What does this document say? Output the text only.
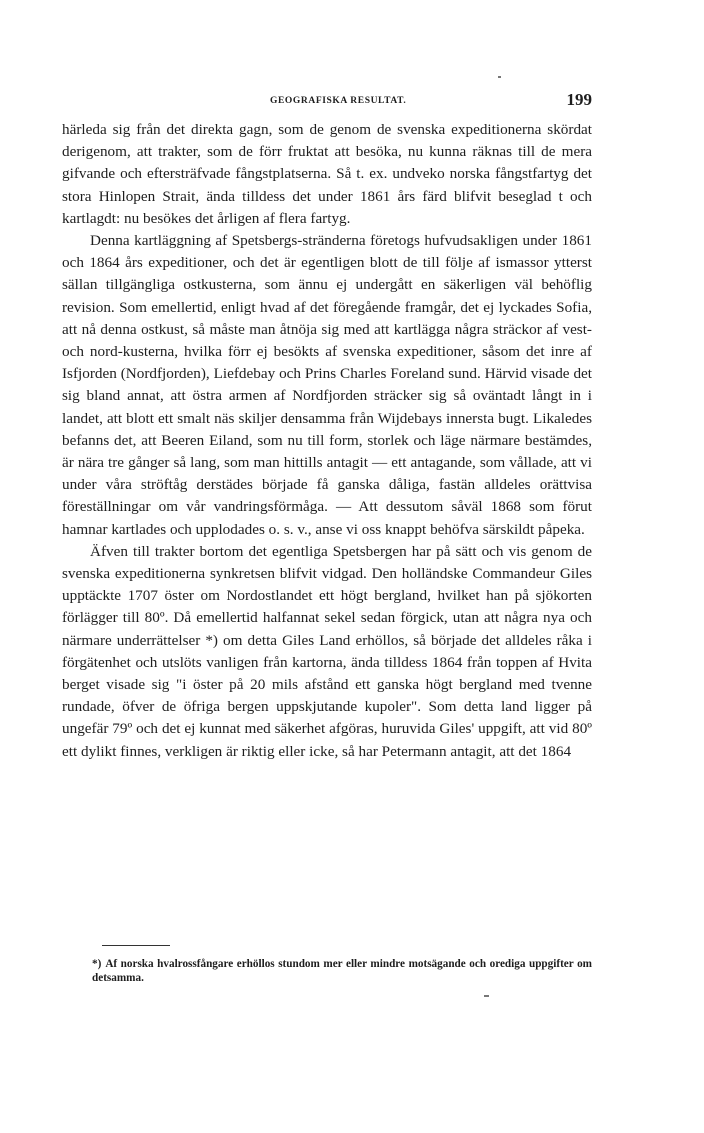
GEOGRAFISKA RESULTAT.	199

härleda sig från det direkta gagn, som de genom de svenska expeditionerna skördat derigenom, att trakter, som de förr fruktat att besöka, nu kunna räknas till de mera gifvande och eftersträfvade fångstplatserna. Så t. ex. undveko norska fångstfartyg det stora Hinlopen Strait, ända tilldess det under 1861 års färd blifvit beseglad t och kartlagdt: nu besökes det årligen af flera fartyg.

Denna kartläggning af Spetsbergs-stränderna företogs hufvudsakligen under 1861 och 1864 års expeditioner, och det är egentligen blott de till följe af ismassor ytterst sällan tillgängliga ostkusterna, som ännu ej undergått en säkerligen väl behöflig revision. Som emellertid, enligt hvad af det föregående framgår, det ej lyckades Sofia, att nå denna ostkust, så måste man åtnöja sig med att kartlägga några sträckor af vest- och nord-kusterna, hvilka förr ej besökts af svenska expeditioner, såsom det inre af Isfjorden (Nordfjorden), Liefdebay och Prins Charles Foreland sund. Härvid visade det sig bland annat, att östra armen af Nordfjorden sträcker sig så oväntadt långt in i landet, att blott ett smalt näs skiljer densamma från Wijdebays innersta bugt. Likaledes befanns det, att Beeren Eiland, som nu till form, storlek och läge närmare bestämdes, är nära tre gånger så lang, som man hittills antagit — ett antagande, som vållade, att vi under våra ströftåg derstädes började få ganska dåliga, fastän alldeles orättvisa föreställningar om vår vandringsförmåga. — Att dessutom såväl 1868 som förut hamnar kartlades och upplodades o. s. v., anse vi oss knappt behöfva särskildt påpeka.

Äfven till trakter bortom det egentliga Spetsbergen har på sätt och vis genom de svenska expeditionerna synkretsen blifvit vidgad. Den holländske Commandeur Giles upptäckte 1707 öster om Nordostlandet ett högt bergland, hvilket han på sjökorten förlägger till 80º. Då emellertid halfannat sekel sedan förgick, utan att några nya och närmare underrättelser *) om detta Giles Land erhöllos, så började det alldeles råka i förgätenhet och utslöts vanligen från kartorna, ända tilldess 1864 från toppen af Hvita berget visade sig "i öster på 20 mils afstånd ett ganska högt bergland med tvenne rundade, öfver de öfriga bergen uppskjutande kupoler". Som detta land ligger på ungefär 79º och det ej kunnat med säkerhet afgöras, huruvida Giles' uppgift, att vid 80º ett dylikt finnes, verkligen är riktig eller icke, så har Petermann antagit, att det 1864

*) Af norska hvalrossfångare erhöllos stundom mer eller mindre motsägande och orediga uppgifter om detsamma.
